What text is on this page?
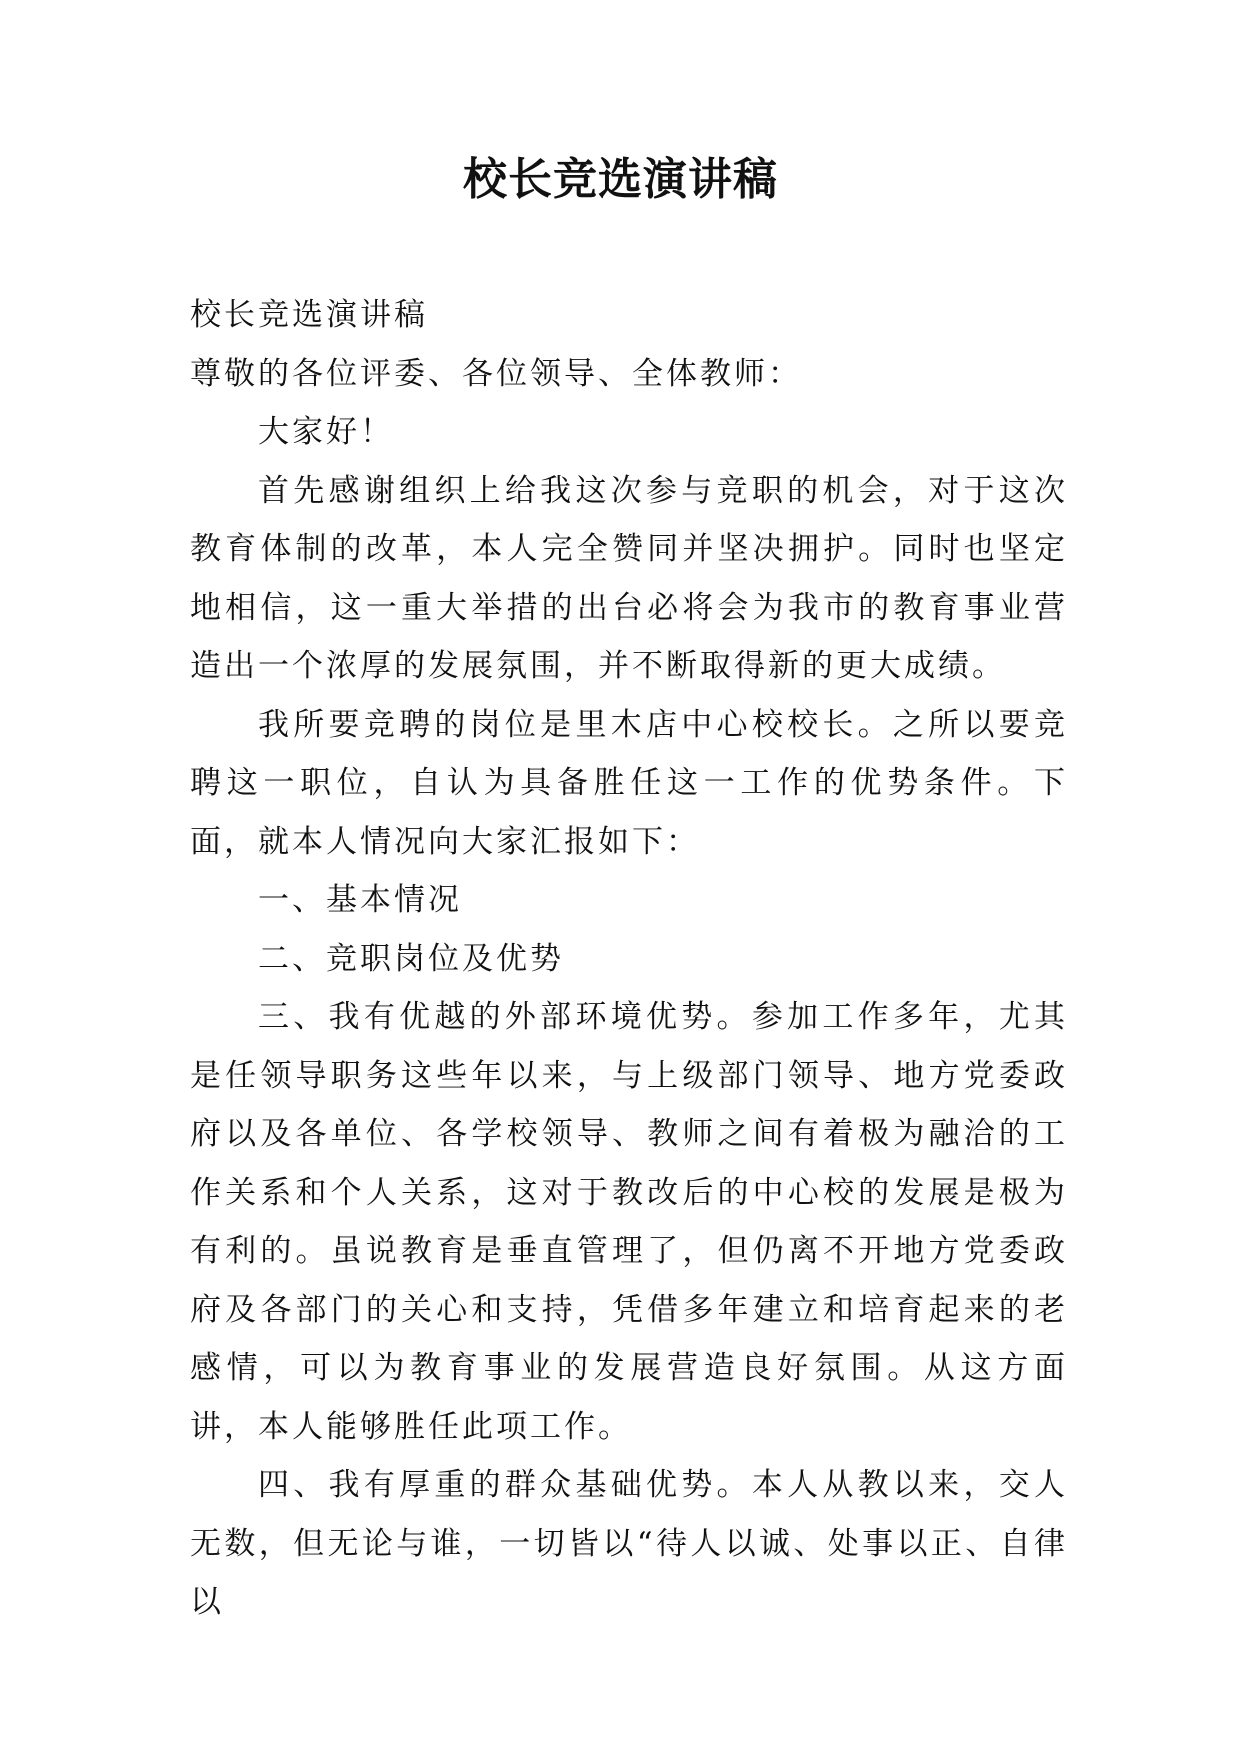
校长竞选演讲稿

校长竞选演讲稿

尊敬的各位评委、各位领导、全体教师：

大家好！

首先感谢组织上给我这次参与竞职的机会，对于这次教育体制的改革，本人完全赞同并坚决拥护。同时也坚定地相信，这一重大举措的出台必将会为我市的教育事业营造出一个浓厚的发展氛围，并不断取得新的更大成绩。

我所要竞聘的岗位是里木店中心校校长。之所以要竞聘这一职位，自认为具备胜任这一工作的优势条件。下面，就本人情况向大家汇报如下：

一、基本情况

二、竞职岗位及优势

三、我有优越的外部环境优势。参加工作多年，尤其是任领导职务这些年以来，与上级部门领导、地方党委政府以及各单位、各学校领导、教师之间有着极为融洽的工作关系和个人关系，这对于教改后的中心校的发展是极为有利的。虽说教育是垂直管理了，但仍离不开地方党委政府及各部门的关心和支持，凭借多年建立和培育起来的老感情，可以为教育事业的发展营造良好氛围。从这方面讲，本人能够胜任此项工作。

四、我有厚重的群众基础优势。本人从教以来，交人无数，但无论与谁，一切皆以“待人以诚、处事以正、自律以
